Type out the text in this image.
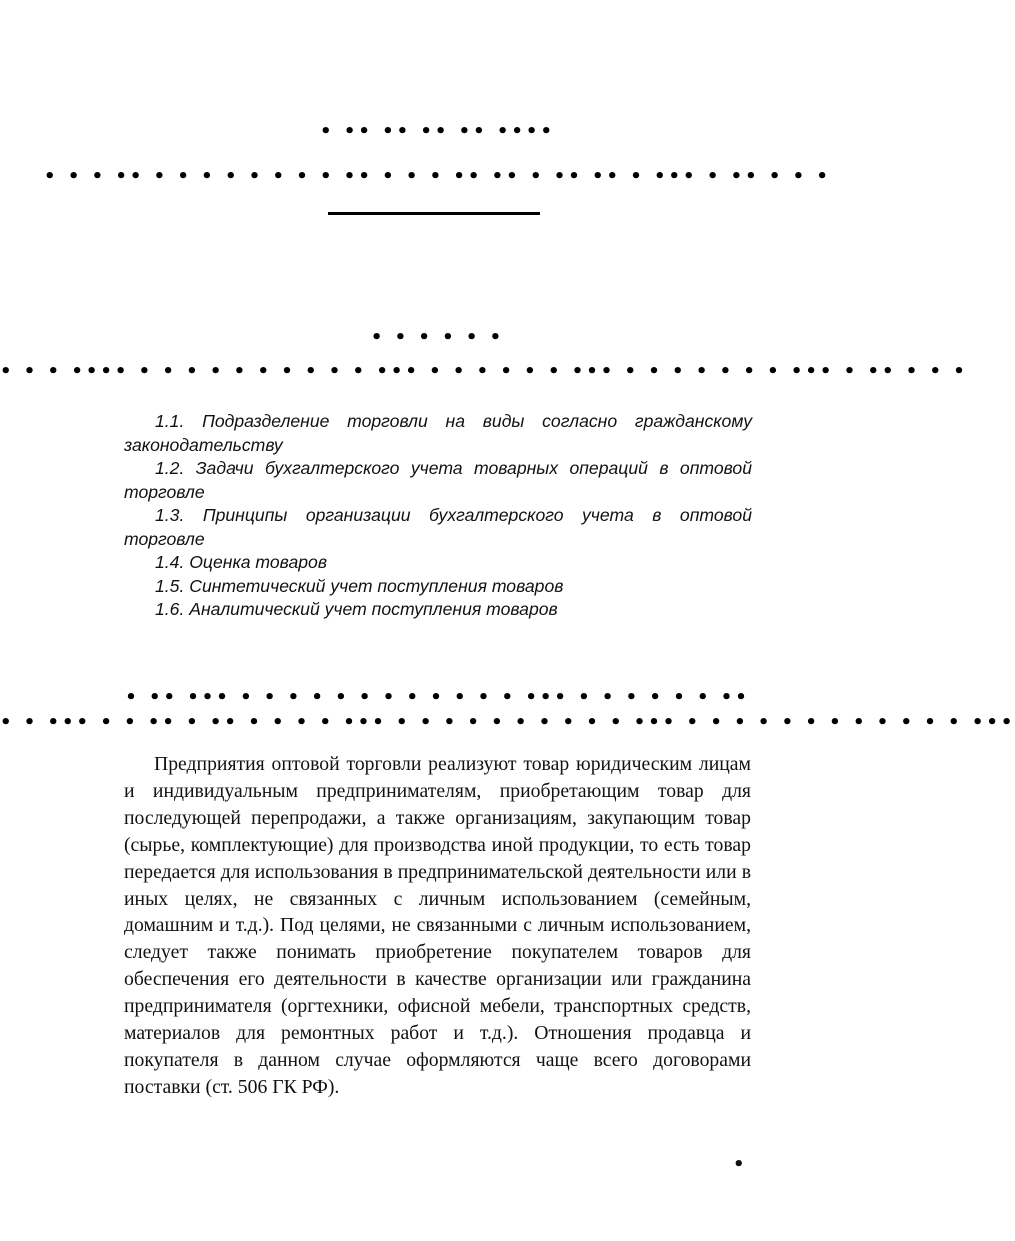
• •• •• •• •• ••••
• • • •• • • • • • • • • •• • • • •• •• • •• •• • ••• • •• • • •
• • • • • •
• • • •••• • • • • • • • • • • ••• • • • • • • ••• • • • • • • • ••• • •• • • •
1.1. Подразделение торговли на виды согласно гражданскому законодательству
1.2. Задачи бухгалтерского учета товарных операций в оптовой торговле
1.3. Принципы организации бухгалтерского учета в оптовой торговле
1.4. Оценка товаров
1.5. Синтетический учет поступления товаров
1.6. Аналитический учет поступления товаров
• •• ••• • • • • • • • • • • • • ••• • • • • • • ••
• • ••• • • •• • •• • • • • ••• • • • • • • • • • • ••• • • • • • • • • • • • • •••

Предприятия оптовой торговли реализуют товар юридическим лицам и индивидуальным предпринимателям, приобретающим товар для последующей перепродажи, а также организациям, закупающим товар (сырье, комплектующие) для производства иной продукции, то есть товар передается для использования в предпринимательской деятельности или в иных целях, не связанных с личным использованием (семейным, домашним и т.д.). Под целями, не связанными с личным использованием, следует также понимать приобретение покупателем товаров для обеспечения его деятельности в качестве организации или гражданина предпринимателя (оргтехники, офисной мебели, транспортных средств, материалов для ремонтных работ и т.д.). Отношения продавца и покупателя в данном случае оформляются чаще всего договорами поставки (ст. 506 ГК РФ).

•
